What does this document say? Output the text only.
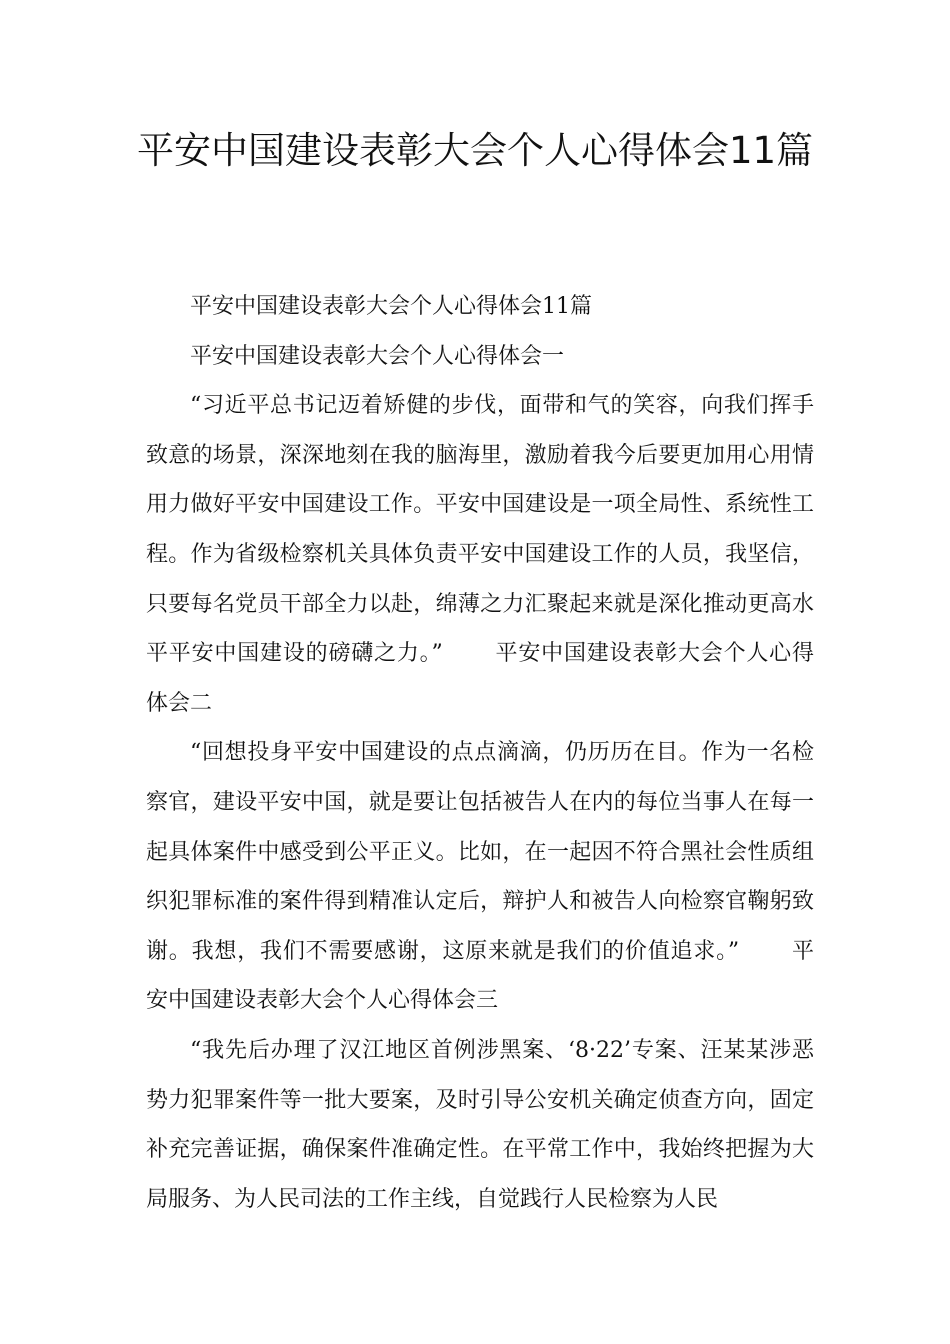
平安中国建设表彰大会个人心得体会11篇

平安中国建设表彰大会个人心得体会11篇

平安中国建设表彰大会个人心得体会一

“习近平总书记迈着矫健的步伐，面带和气的笑容，向我们挥手致意的场景，深深地刻在我的脑海里，激励着我今后要更加用心用情用力做好平安中国建设工作。平安中国建设是一项全局性、系统性工程。作为省级检察机关具体负责平安中国建设工作的人员，我坚信，只要每名党员干部全力以赴，绵薄之力汇聚起来就是深化推动更高水平平安中国建设的磅礴之力。” 平安中国建设表彰大会个人心得体会二

“回想投身平安中国建设的点点滴滴，仍历历在目。作为一名检察官，建设平安中国，就是要让包括被告人在内的每位当事人在每一起具体案件中感受到公平正义。比如，在一起因不符合黑社会性质组织犯罪标准的案件得到精准认定后，辩护人和被告人向检察官鞠躬致谢。我想，我们不需要感谢，这原来就是我们的价值追求。” 平安中国建设表彰大会个人心得体会三

“我先后办理了汉江地区首例涉黑案、‘8·22’专案、汪某某涉恶势力犯罪案件等一批大要案，及时引导公安机关确定侦查方向，固定补充完善证据，确保案件准确定性。在平常工作中，我始终把握为大局服务、为人民司法的工作主线，自觉践行人民检察为人民
